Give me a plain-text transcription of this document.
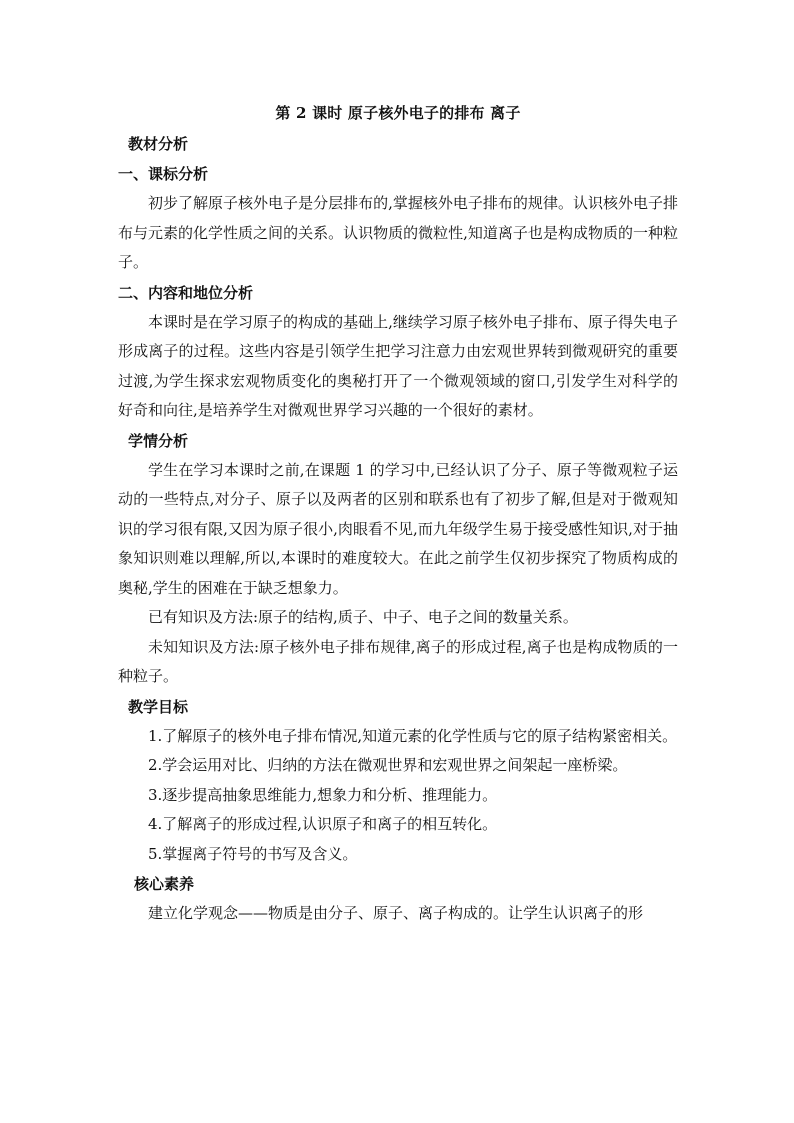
第 2 课时 原子核外电子的排布 离子
教材分析
一、课标分析

初步了解原子核外电子是分层排布的,掌握核外电子排布的规律。认识核外电子排布与元素的化学性质之间的关系。认识物质的微粒性,知道离子也是构成物质的一种粒子。

二、内容和地位分析

本课时是在学习原子的构成的基础上,继续学习原子核外电子排布、原子得失电子形成离子的过程。这些内容是引领学生把学习注意力由宏观世界转到微观研究的重要过渡,为学生探求宏观物质变化的奥秘打开了一个微观领域的窗口,引发学生对科学的好奇和向往,是培养学生对微观世界学习兴趣的一个很好的素材。

学情分析

学生在学习本课时之前,在课题 1 的学习中,已经认识了分子、原子等微观粒子运动的一些特点,对分子、原子以及两者的区别和联系也有了初步了解,但是对于微观知识的学习很有限,又因为原子很小,肉眼看不见,而九年级学生易于接受感性知识,对于抽象知识则难以理解,所以,本课时的难度较大。在此之前学生仅初步探究了物质构成的奥秘,学生的困难在于缺乏想象力。

已有知识及方法:原子的结构,质子、中子、电子之间的数量关系。

未知知识及方法:原子核外电子排布规律,离子的形成过程,离子也是构成物质的一种粒子。

教学目标

1.了解原子的核外电子排布情况,知道元素的化学性质与它的原子结构紧密相关。

2.学会运用对比、归纳的方法在微观世界和宏观世界之间架起一座桥梁。

3.逐步提高抽象思维能力,想象力和分析、推理能力。

4.了解离子的形成过程,认识原子和离子的相互转化。

5.掌握离子符号的书写及含义。

核心素养

建立化学观念——物质是由分子、原子、离子构成的。让学生认识离子的形
